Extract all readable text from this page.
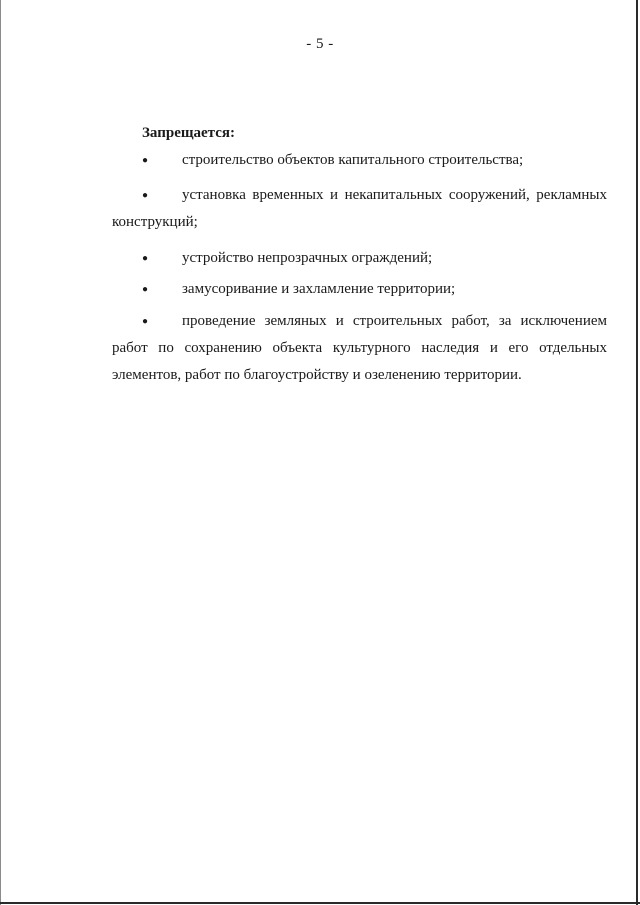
- 5 -
Запрещается:
● строительство объектов капитального строительства;
● установка временных и некапитальных сооружений, рекламных
конструкций;
● устройство непрозрачных ограждений;
● замусоривание и захламление территории;
● проведение земляных и строительных работ, за исключением
работ по сохранению объекта культурного наследия и его отдельных
элементов, работ по благоустройству и озеленению территории.
